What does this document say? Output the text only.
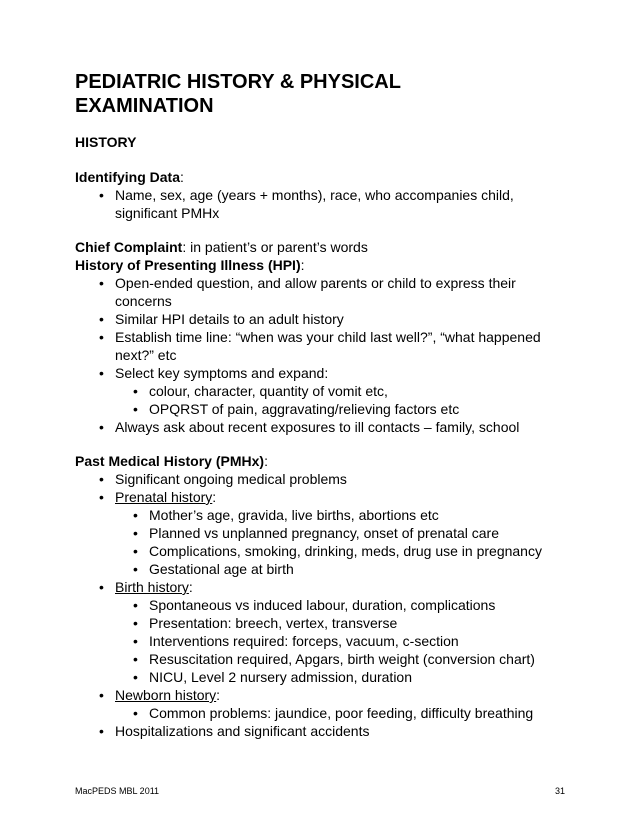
PEDIATRIC HISTORY & PHYSICAL EXAMINATION
HISTORY
Identifying Data:
• Name, sex, age (years + months), race, who accompanies child, significant PMHx
Chief Complaint: in patient’s or parent’s words
History of Presenting Illness (HPI):
• Open-ended question, and allow parents or child to express their concerns
• Similar HPI details to an adult history
• Establish time line: “when was your child last well?”, “what happened next?” etc
• Select key symptoms and expand:
• colour, character, quantity of vomit etc,
• OPQRST of pain, aggravating/relieving factors etc
• Always ask about recent exposures to ill contacts – family, school
Past Medical History (PMHx):
• Significant ongoing medical problems
• Prenatal history:
• Mother’s age, gravida, live births, abortions etc
• Planned vs unplanned pregnancy, onset of prenatal care
• Complications, smoking, drinking, meds, drug use in pregnancy
• Gestational age at birth
• Birth history:
• Spontaneous vs induced labour, duration, complications
• Presentation: breech, vertex, transverse
• Interventions required: forceps, vacuum, c-section
• Resuscitation required, Apgars, birth weight (conversion chart)
• NICU, Level 2 nursery admission, duration
• Newborn history:
• Common problems: jaundice, poor feeding, difficulty breathing
• Hospitalizations and significant accidents
MacPEDS MBL 2011	31
